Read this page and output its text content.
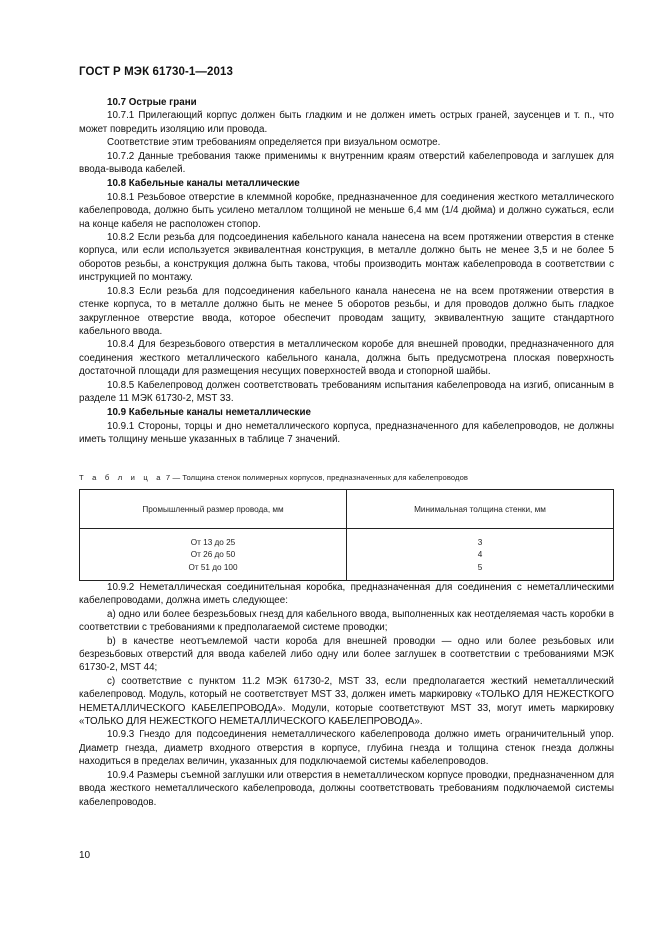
ГОСТ Р МЭК 61730-1—2013

10.7 Острые грани

10.7.1 Прилегающий корпус должен быть гладким и не должен иметь острых граней, заусенцев и т. п., что может повредить изоляцию или провода.

Соответствие этим требованиям определяется при визуальном осмотре.

10.7.2 Данные требования также применимы к внутренним краям отверстий кабелепровода и заглушек для ввода-вывода кабелей.

10.8 Кабельные каналы металлические

10.8.1 Резьбовое отверстие в клеммной коробке, предназначенное для соединения жесткого металлического кабелепровода, должно быть усилено металлом толщиной не меньше 6,4 мм (1/4 дюйма) и должно сужаться, если на конце кабеля не расположен стопор.

10.8.2 Если резьба для подсоединения кабельного канала нанесена на всем протяжении отверстия в стенке корпуса, или если используется эквивалентная конструкция, в металле должно быть не менее 3,5 и не более 5 оборотов резьбы, а конструкция должна быть такова, чтобы производить монтаж кабелепровода в соответствии с инструкцией по монтажу.

10.8.3 Если резьба для подсоединения кабельного канала нанесена не на всем протяжении отверстия в стенке корпуса, то в металле должно быть не менее 5 оборотов резьбы, и для проводов должно быть гладкое закругленное отверстие ввода, которое обеспечит проводам защиту, эквивалентную защите стандартного кабельного ввода.

10.8.4 Для безрезьбового отверстия в металлическом коробе для внешней проводки, предназначенного для соединения жесткого металлического кабельного канала, должна быть предусмотрена плоская поверхность достаточной площади для размещения несущих поверхностей ввода и стопорной шайбы.

10.8.5 Кабелепровод должен соответствовать требованиям испытания кабелепровода на изгиб, описанным в разделе 11 МЭК 61730-2, MST 33.

10.9 Кабельные каналы неметаллические

10.9.1 Стороны, торцы и дно неметаллического корпуса, предназначенного для кабелепроводов, не должны иметь толщину меньше указанных в таблице 7 значений.

Т а б л и ц а 7 — Толщина стенок полимерных корпусов, предназначенных для кабелепроводов
Промышленный размер провода, мм	Минимальная толщина стенки, мм
От 13 до 25	3
От 26 до 50	4
От 51 до 100	5

10.9.2 Неметаллическая соединительная коробка, предназначенная для соединения с неметаллическими кабелепроводами, должна иметь следующее:

a) одно или более безрезьбовых гнезд для кабельного ввода, выполненных как неотделяемая часть коробки в соответствии с требованиями к предполагаемой системе проводки;

b) в качестве неотъемлемой части короба для внешней проводки — одно или более резьбовых или безрезьбовых отверстий для ввода кабелей либо одну или более заглушек в соответствии с требованиями МЭК 61730-2, MST 44;

c) соответствие с пунктом 11.2 МЭК 61730-2, MST 33, если предполагается жесткий неметаллический кабелепровод. Модуль, который не соответствует MST 33, должен иметь маркировку «ТОЛЬКО ДЛЯ НЕЖЕСТКОГО НЕМЕТАЛЛИЧЕСКОГО КАБЕЛЕПРОВОДА». Модули, которые соответствуют MST 33, могут иметь маркировку «ТОЛЬКО ДЛЯ НЕЖЕСТКОГО НЕМЕТАЛЛИЧЕСКОГО КАБЕЛЕПРОВОДА».

10.9.3 Гнездо для подсоединения неметаллического кабелепровода должно иметь ограничительный упор. Диаметр гнезда, диаметр входного отверстия в корпусе, глубина гнезда и толщина стенок гнезда должны находиться в пределах величин, указанных для подключаемой системы кабелепроводов.

10.9.4 Размеры съемной заглушки или отверстия в неметаллическом корпусе проводки, предназначенном для ввода жесткого неметаллического кабелепровода, должны соответствовать требованиям подключаемой системы кабелепроводов.

10
